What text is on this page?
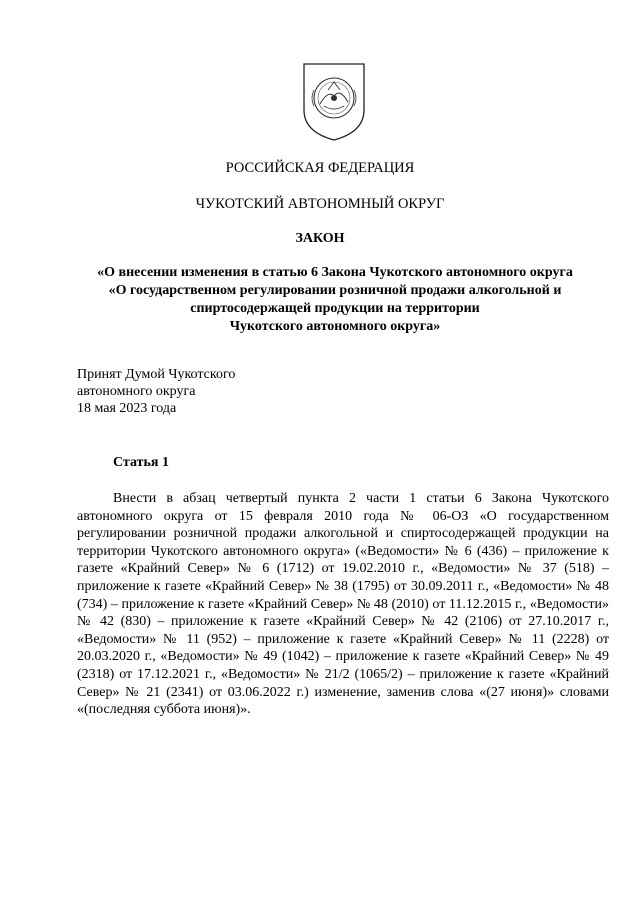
РОССИЙСКАЯ ФЕДЕРАЦИЯ

ЧУКОТСКИЙ АВТОНОМНЫЙ ОКРУГ

ЗАКОН

«О внесении изменения в статью 6 Закона Чукотского автономного округа
«О государственном регулировании розничной продажи алкогольной и
спиртосодержащей продукции на территории
Чукотского автономного округа»

Принят Думой Чукотского
автономного округа
18 мая 2023 года

Статья 1

Внести в абзац четвертый пункта 2 части 1 статьи 6 Закона Чукотского автономного округа от 15 февраля 2010 года № 06-ОЗ «О государственном регулировании розничной продажи алкогольной и спиртосодержащей продукции на территории Чукотского автономного округа» («Ведомости» № 6 (436) – приложение к газете «Крайний Север» № 6 (1712) от 19.02.2010 г., «Ведомости» № 37 (518) – приложение к газете «Крайний Север» № 38 (1795) от 30.09.2011 г., «Ведомости» № 48 (734) – приложение к газете «Крайний Север» № 48 (2010) от 11.12.2015 г., «Ведомости» № 42 (830) – приложение к газете «Крайний Север» № 42 (2106) от 27.10.2017 г., «Ведомости» № 11 (952) – приложение к газете «Крайний Север» № 11 (2228) от 20.03.2020 г., «Ведомости» № 49 (1042) – приложение к газете «Крайний Север» № 49 (2318) от 17.12.2021 г., «Ведомости» № 21/2 (1065/2) – приложение к газете «Крайний Север» № 21 (2341) от 03.06.2022 г.) изменение, заменив слова «(27 июня)» словами «(последняя суббота июня)».
